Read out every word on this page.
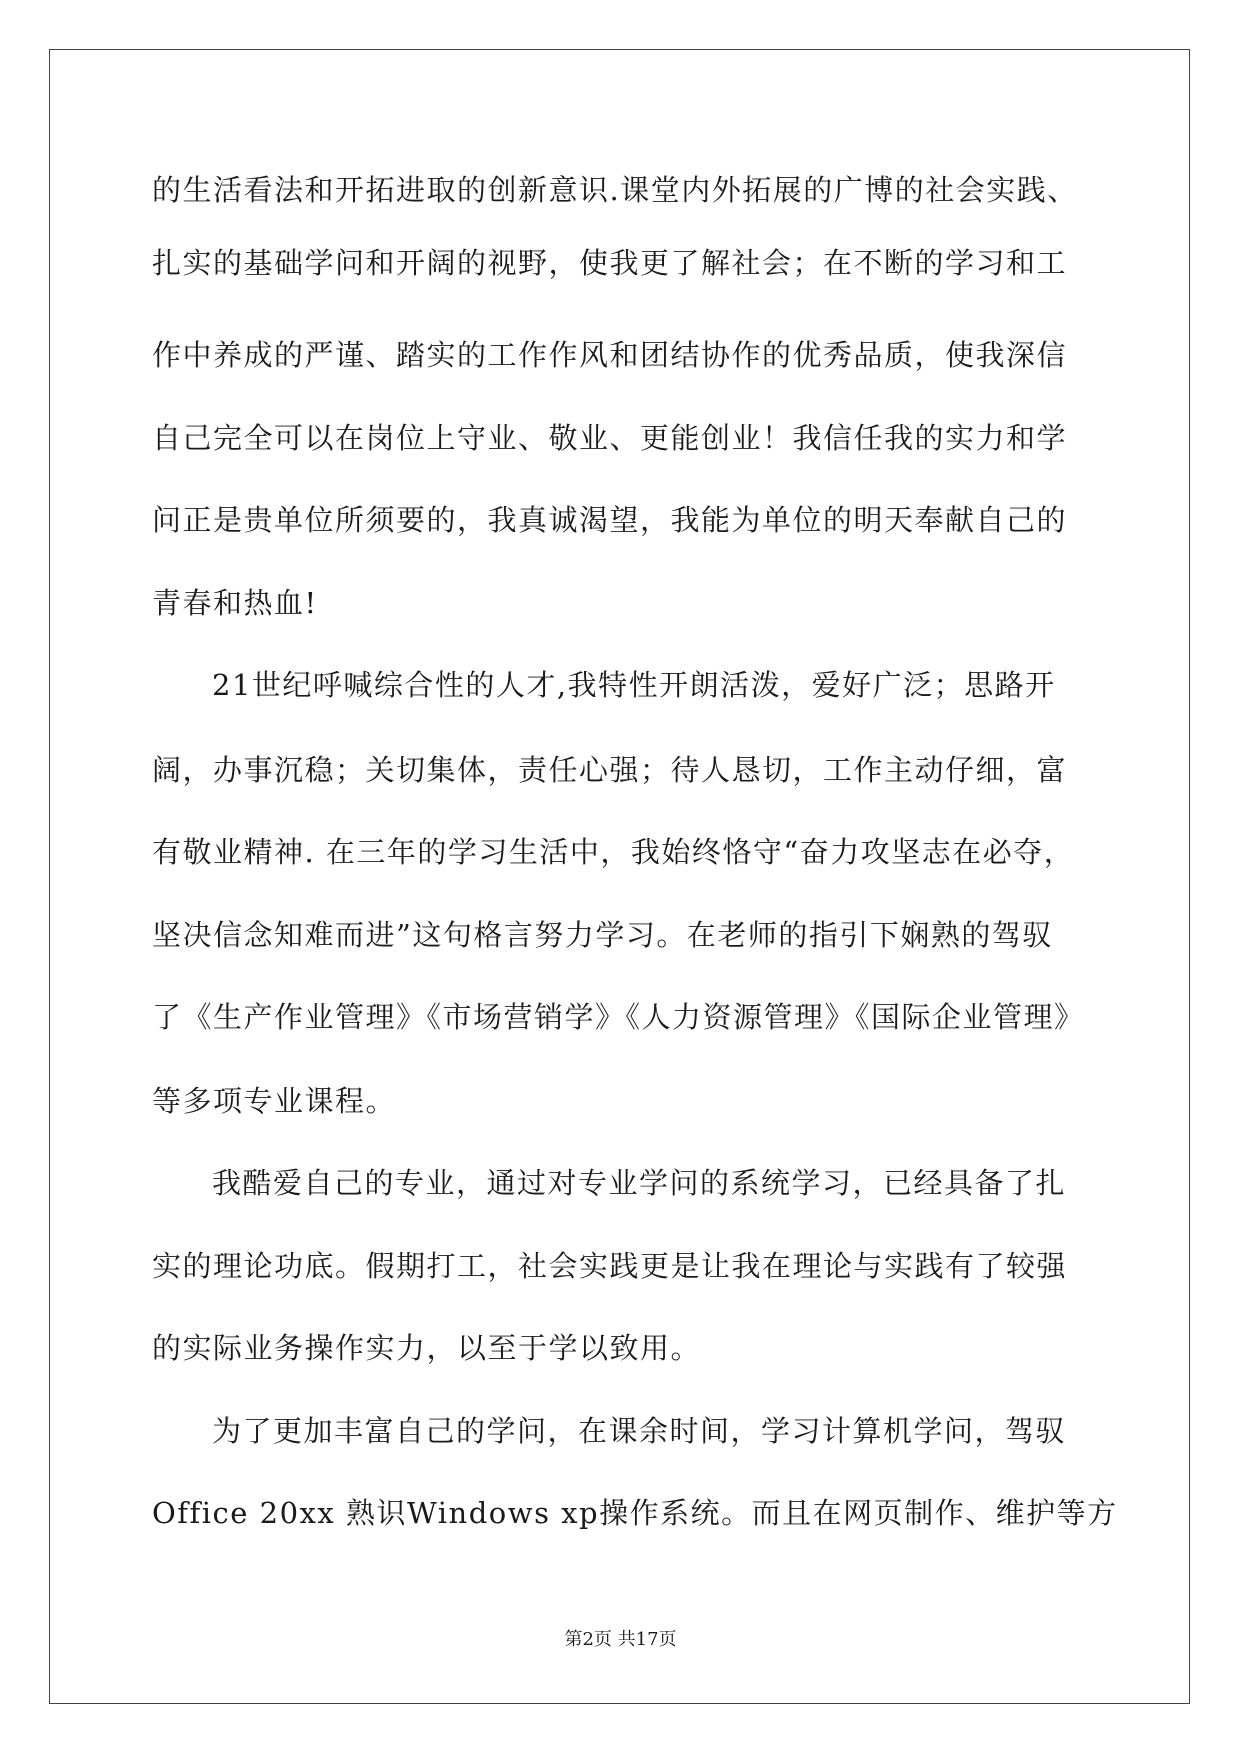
的生活看法和开拓进取的创新意识.课堂内外拓展的广博的社会实践、
扎实的基础学问和开阔的视野，使我更了解社会；在不断的学习和工
作中养成的严谨、踏实的工作作风和团结协作的优秀品质，使我深信
自己完全可以在岗位上守业、敬业、更能创业！我信任我的实力和学
问正是贵单位所须要的，我真诚渴望，我能为单位的明天奉献自己的
青春和热血!
21世纪呼喊综合性的人才,我特性开朗活泼，爱好广泛；思路开
阔，办事沉稳；关切集体，责任心强；待人恳切，工作主动仔细，富
有敬业精神. 在三年的学习生活中，我始终恪守“奋力攻坚志在必夺，
坚决信念知难而进”这句格言努力学习。在老师的指引下娴熟的驾驭
了《生产作业管理》《市场营销学》《人力资源管理》《国际企业管理》
等多项专业课程。
我酷爱自己的专业，通过对专业学问的系统学习，已经具备了扎
实的理论功底。假期打工，社会实践更是让我在理论与实践有了较强
的实际业务操作实力，以至于学以致用。
为了更加丰富自己的学问，在课余时间，学习计算机学问，驾驭
Office 20xx 熟识Windows xp操作系统。而且在网页制作、维护等方
第2页 共17页
